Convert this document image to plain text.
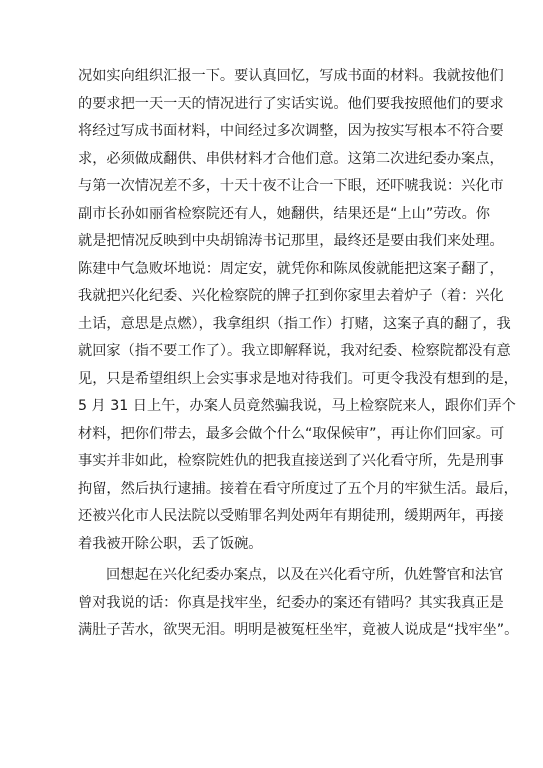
况如实向组织汇报一下。要认真回忆，写成书面的材料。我就按他们
的要求把一天一天的情况进行了实话实说。他们要我按照他们的要求
将经过写成书面材料，中间经过多次调整，因为按实写根本不符合要
求，必须做成翻供、串供材料才合他们意。这第二次进纪委办案点，
与第一次情况差不多，十天十夜不让合一下眼，还吓唬我说：兴化市
副市长孙如丽省检察院还有人，她翻供，结果还是“上山”劳改。你
就是把情况反映到中央胡锦涛书记那里，最终还是要由我们来处理。
陈建中气急败坏地说：周定安，就凭你和陈凤俊就能把这案子翻了，
我就把兴化纪委、兴化检察院的牌子扛到你家里去着炉子（着：兴化
土话，意思是点燃），我拿组织（指工作）打赌，这案子真的翻了，我
就回家（指不要工作了）。我立即解释说，我对纪委、检察院都没有意
见，只是希望组织上会实事求是地对待我们。可更令我没有想到的是，
5 月 31 日上午，办案人员竟然骗我说，马上检察院来人，跟你们弄个
材料，把你们带去，最多会做个什么“取保候审”，再让你们回家。可
事实并非如此，检察院姓仇的把我直接送到了兴化看守所，先是刑事
拘留，然后执行逮捕。接着在看守所度过了五个月的牢狱生活。最后，
还被兴化市人民法院以受贿罪名判处两年有期徒刑，缓期两年，再接
着我被开除公职，丢了饭碗。
回想起在兴化纪委办案点，以及在兴化看守所，仇姓警官和法官
曾对我说的话：你真是找牢坐，纪委办的案还有错吗？其实我真正是
满肚子苦水，欲哭无泪。明明是被冤枉坐牢，竟被人说成是“找牢坐”。
